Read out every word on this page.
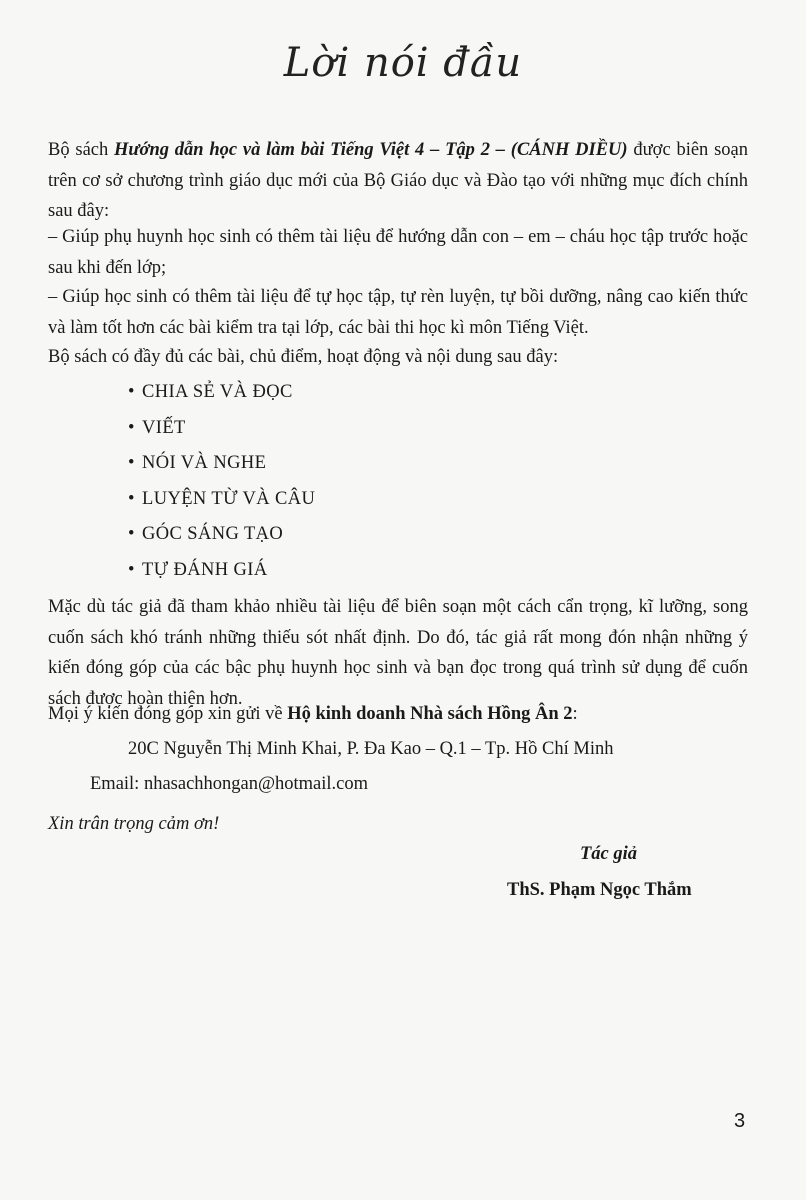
Lời nói đầu
Bộ sách Hướng dẫn học và làm bài Tiếng Việt 4 – Tập 2 – (CÁNH DIỀU) được biên soạn trên cơ sở chương trình giáo dục mới của Bộ Giáo dục và Đào tạo với những mục đích chính sau đây:
– Giúp phụ huynh học sinh có thêm tài liệu để hướng dẫn con – em – cháu học tập trước hoặc sau khi đến lớp;
– Giúp học sinh có thêm tài liệu để tự học tập, tự rèn luyện, tự bồi dưỡng, nâng cao kiến thức và làm tốt hơn các bài kiểm tra tại lớp, các bài thi học kì môn Tiếng Việt.
Bộ sách có đầy đủ các bài, chủ điểm, hoạt động và nội dung sau đây:
• CHIA SẺ VÀ ĐỌC
• VIẾT
• NÓI VÀ NGHE
• LUYỆN TỪ VÀ CÂU
• GÓC SÁNG TẠO
• TỰ ĐÁNH GIÁ
Mặc dù tác giả đã tham khảo nhiều tài liệu để biên soạn một cách cẩn trọng, kĩ lưỡng, song cuốn sách khó tránh những thiếu sót nhất định. Do đó, tác giả rất mong đón nhận những ý kiến đóng góp của các bậc phụ huynh học sinh và bạn đọc trong quá trình sử dụng để cuốn sách được hoàn thiện hơn.
Mọi ý kiến đóng góp xin gửi về Hộ kinh doanh Nhà sách Hồng Ân 2:
20C Nguyễn Thị Minh Khai, P. Đa Kao – Q.1 – Tp. Hồ Chí Minh
Email: nhasachhongan@hotmail.com
Xin trân trọng cảm ơn!
Tác giả
ThS. Phạm Ngọc Thắm
3
